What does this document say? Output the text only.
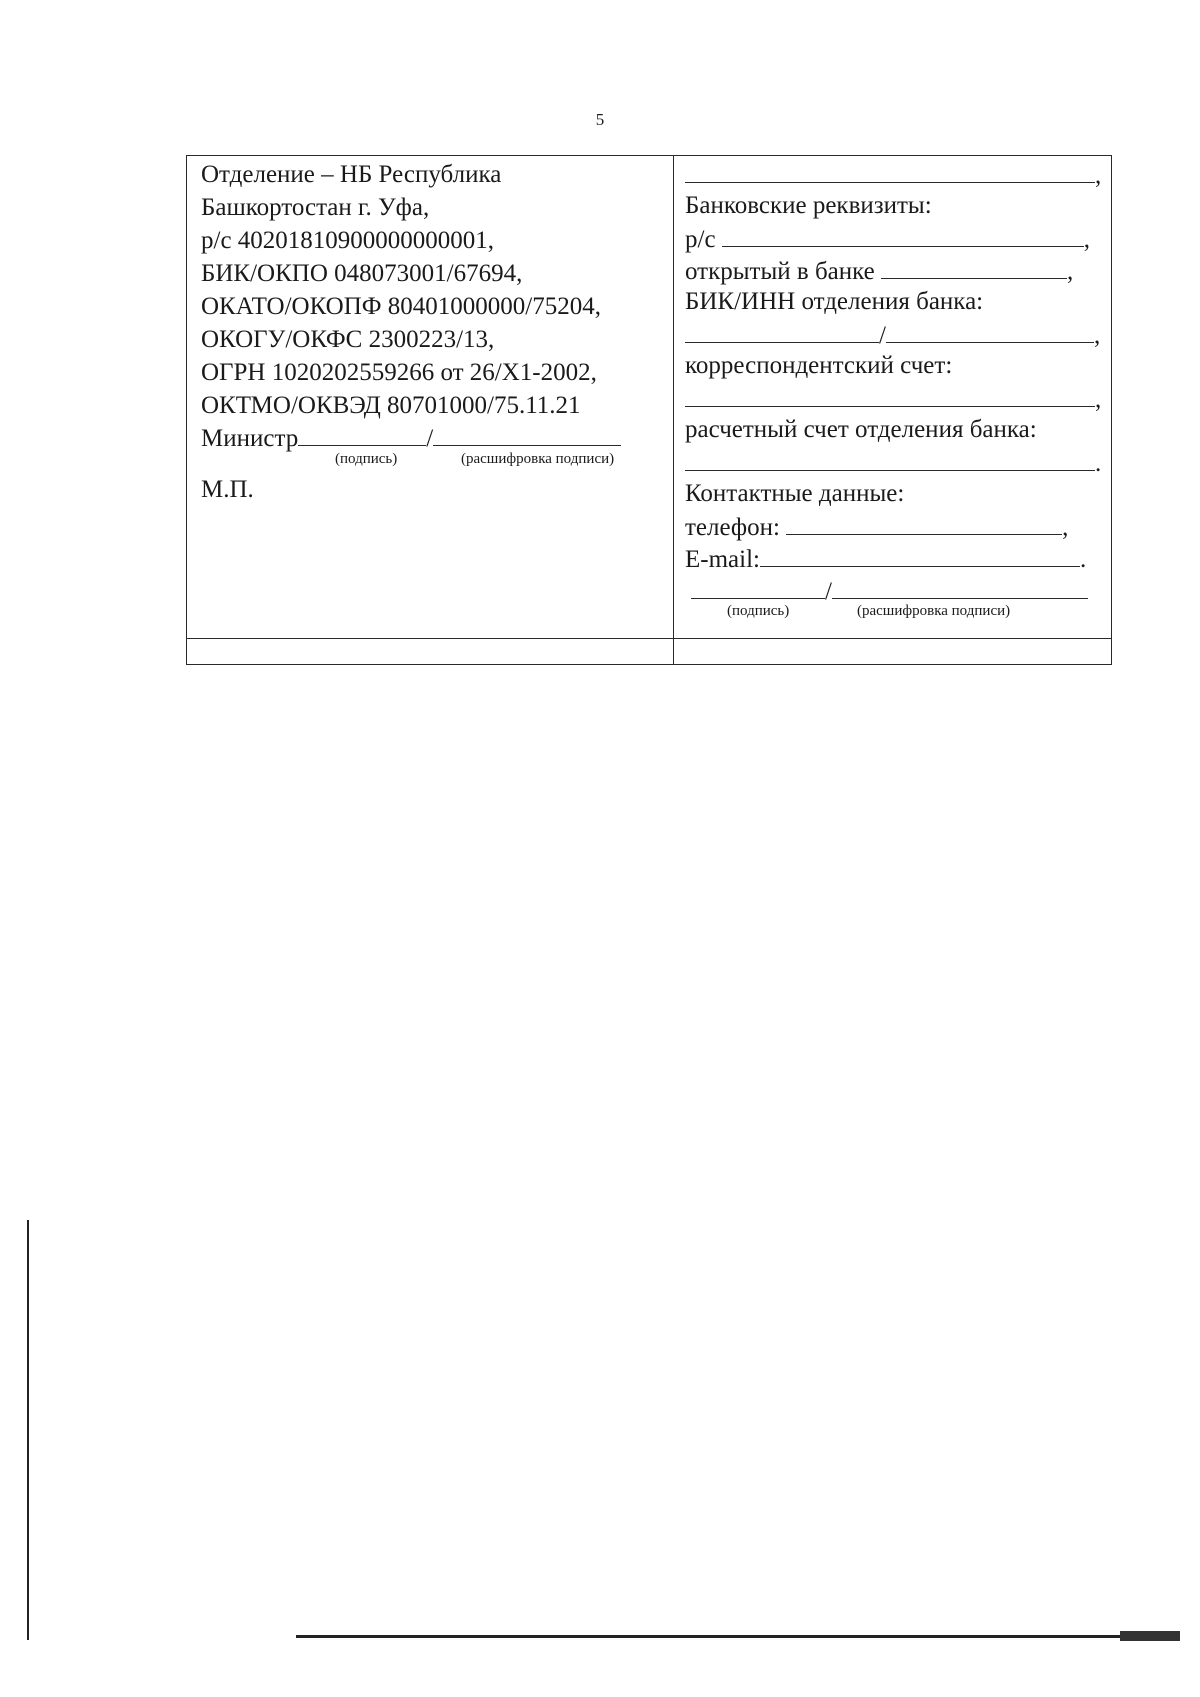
5
Отделение – НБ Республика
Башкортостан г. Уфа,
р/с 40201810900000000001,
БИК/ОКПО 048073001/67694,
ОКАТО/ОКОПФ 80401000000/75204,
ОКОГУ/ОКФС 2300223/13,
ОГРН 1020202559266 от 26/Х1-2002,
ОКТМО/ОКВЭД 80701000/75.11.21
Министр	/
(подпись)	(расшифровка подписи)
М.П.
,
Банковские реквизиты:
р/с	,
открытый в банке	,
БИК/ИНН отделения банка:
/	,
корреспондентский счет:
,
расчетный счет отделения банка:
.
Контактные данные:
телефон:	,
E-mail:	.
/
(подпись)	(расшифровка подписи)
